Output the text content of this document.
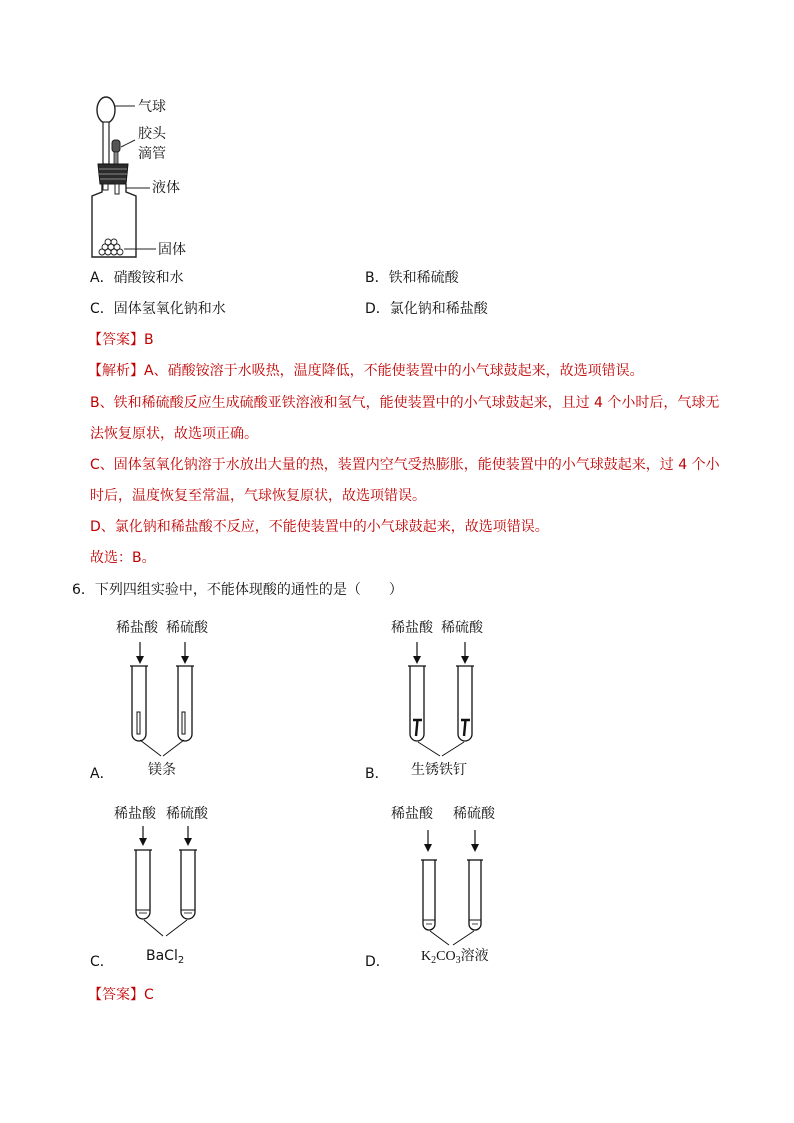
气球
胶头
滴管
液体
固体
A．硝酸铵和水	B．铁和稀硫酸
C．固体氢氧化钠和水	D．氯化钠和稀盐酸
【答案】B
【解析】A、硝酸铵溶于水吸热，温度降低，不能使装置中的小气球鼓起来，故选项错误。
B、铁和稀硫酸反应生成硫酸亚铁溶液和氢气，能使装置中的小气球鼓起来，且过 4 个小时后，气球无
法恢复原状，故选项正确。
C、固体氢氧化钠溶于水放出大量的热，装置内空气受热膨胀，能使装置中的小气球鼓起来，过 4 个小
时后，温度恢复至常温，气球恢复原状，故选项错误。
D、氯化钠和稀盐酸不反应，不能使装置中的小气球鼓起来，故选项错误。
故选：B。
6．下列四组实验中，不能体现酸的通性的是（　　）
稀盐酸 稀硫酸
镁条
A．
稀盐酸 稀硫酸
生锈铁钉
B．
稀盐酸 稀硫酸
BaCl$_2$
C．
稀盐酸 稀硫酸
$K_2CO_3$溶液
D．
【答案】C
